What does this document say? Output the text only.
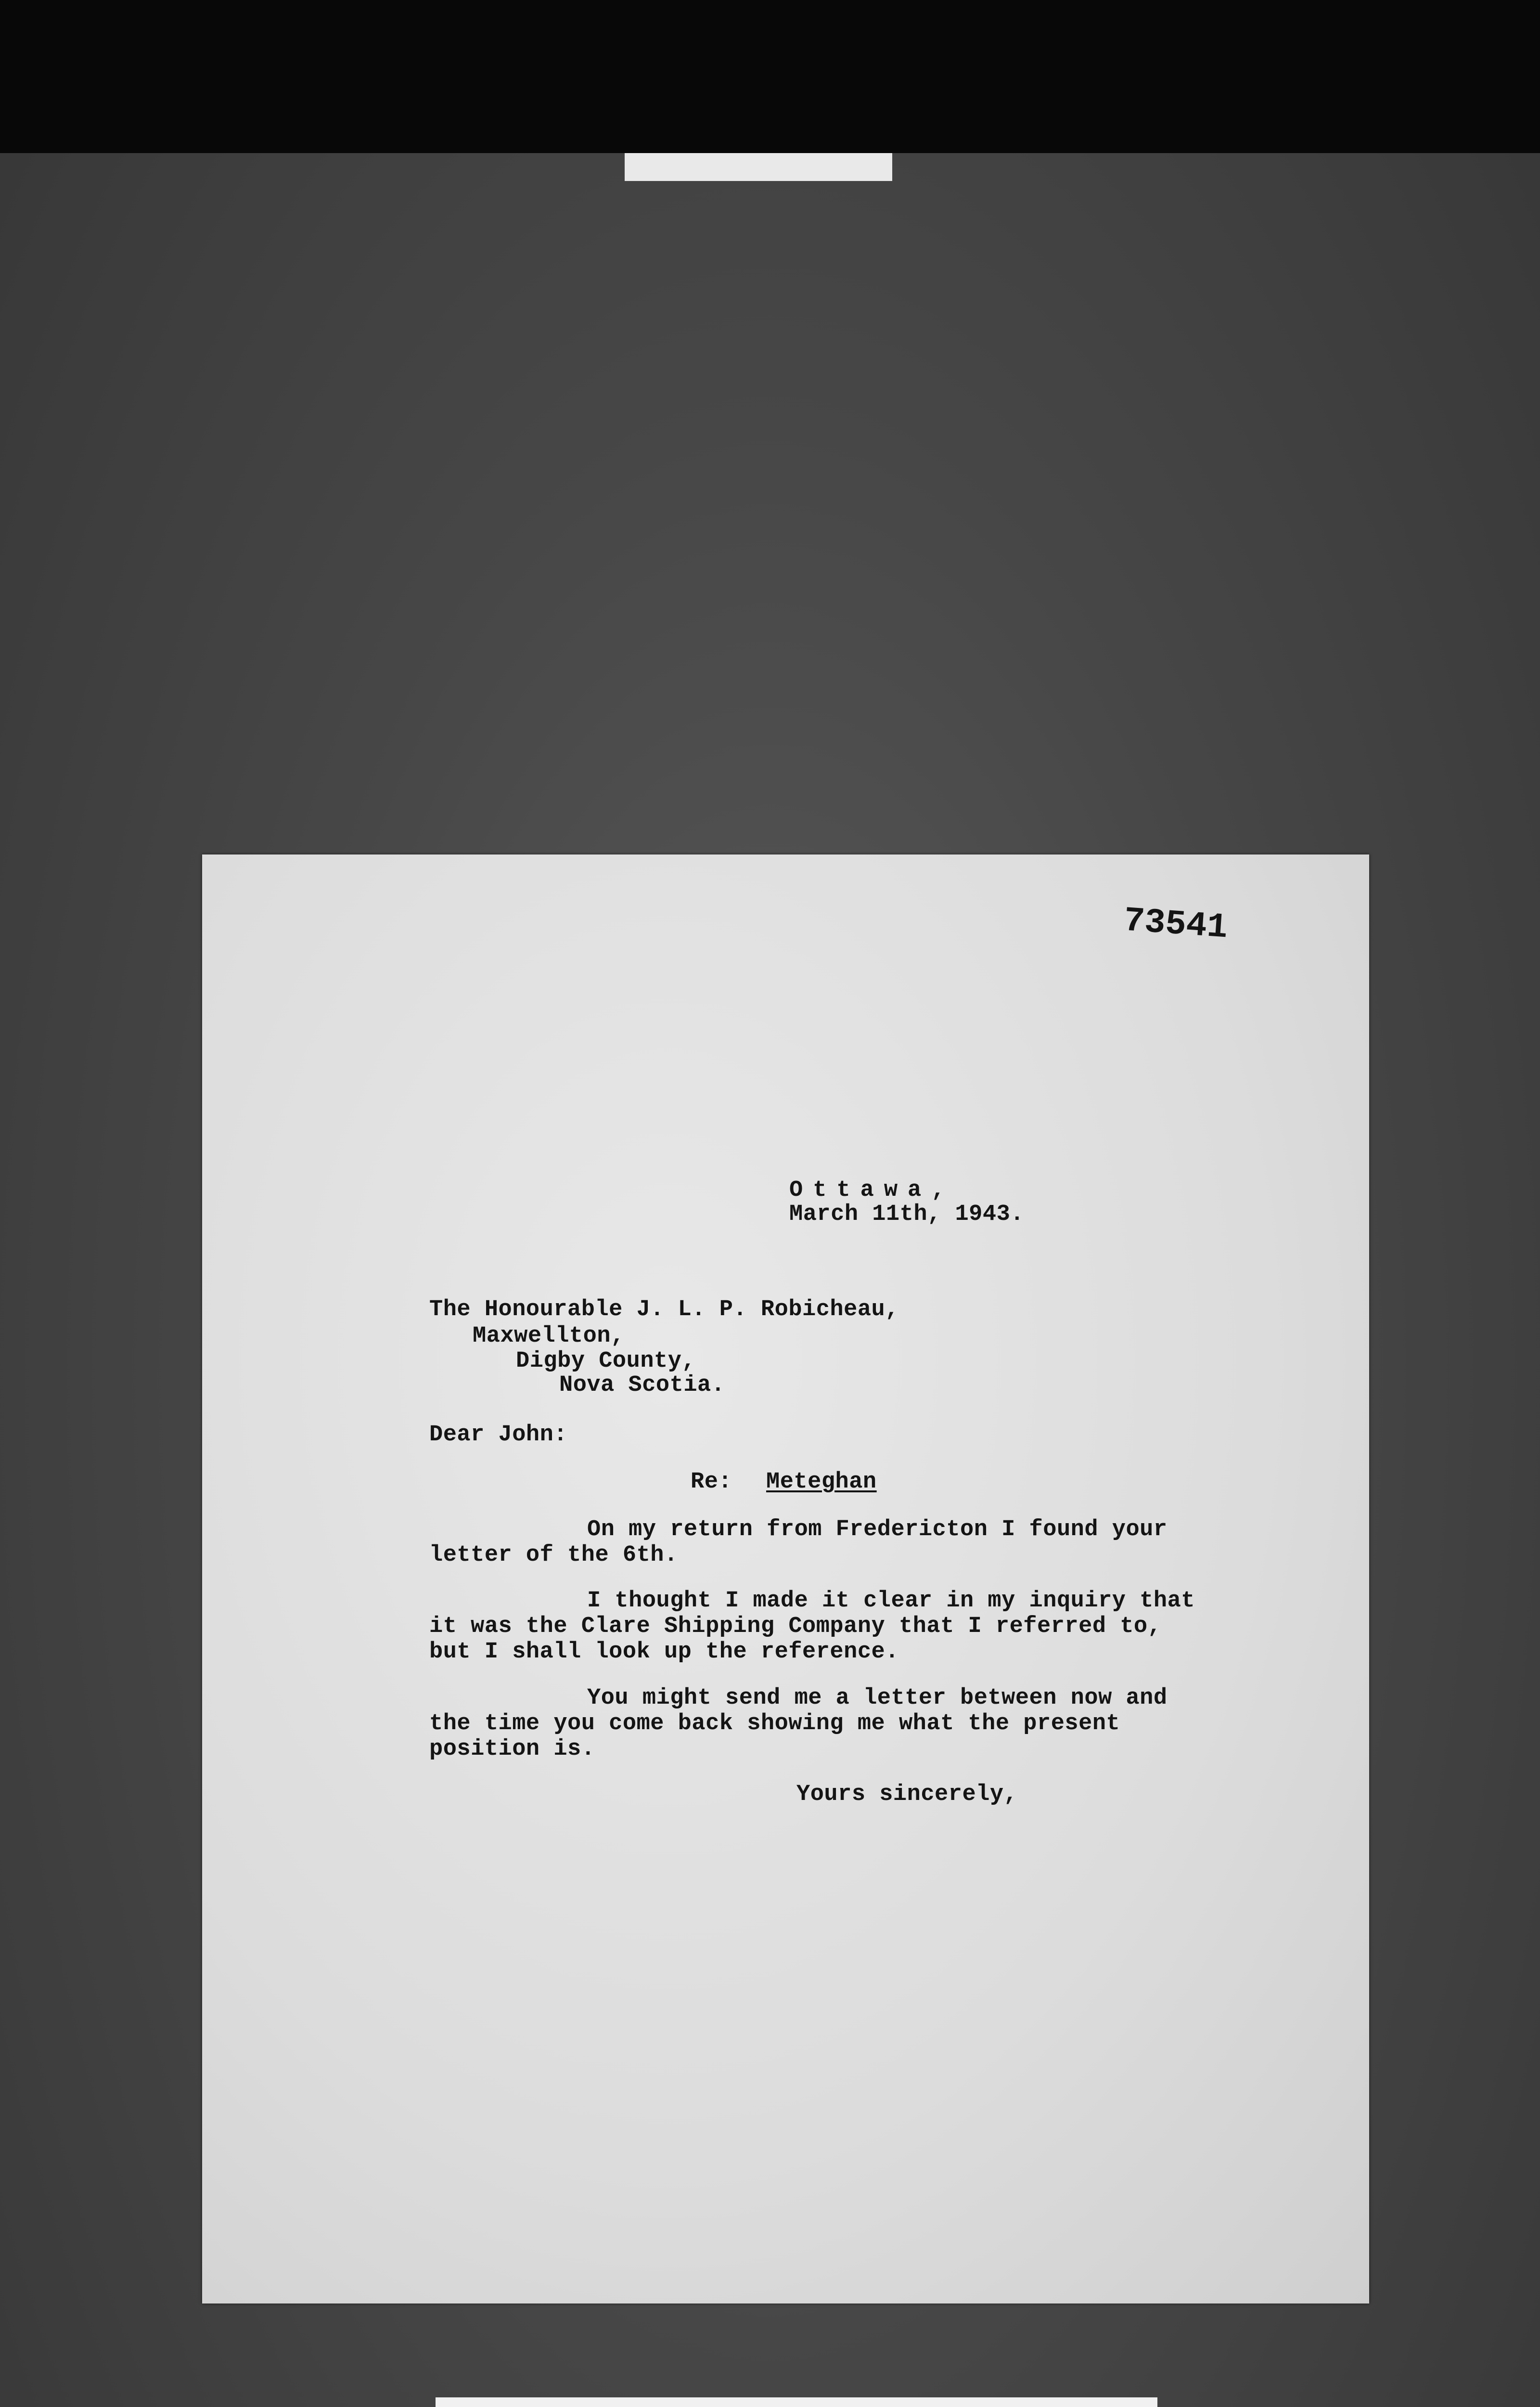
73541
Ottawa,
March 11th, 1943.
The Honourable J. L. P. Robicheau,
Maxwellton,
Digby County,
Nova Scotia.
Dear John:
Re: Meteghan
On my return from Fredericton I found your
letter of the 6th.
I thought I made it clear in my inquiry that
it was the Clare Shipping Company that I referred to,
but I shall look up the reference.
You might send me a letter between now and
the time you come back showing me what the present
position is.
Yours sincerely,
